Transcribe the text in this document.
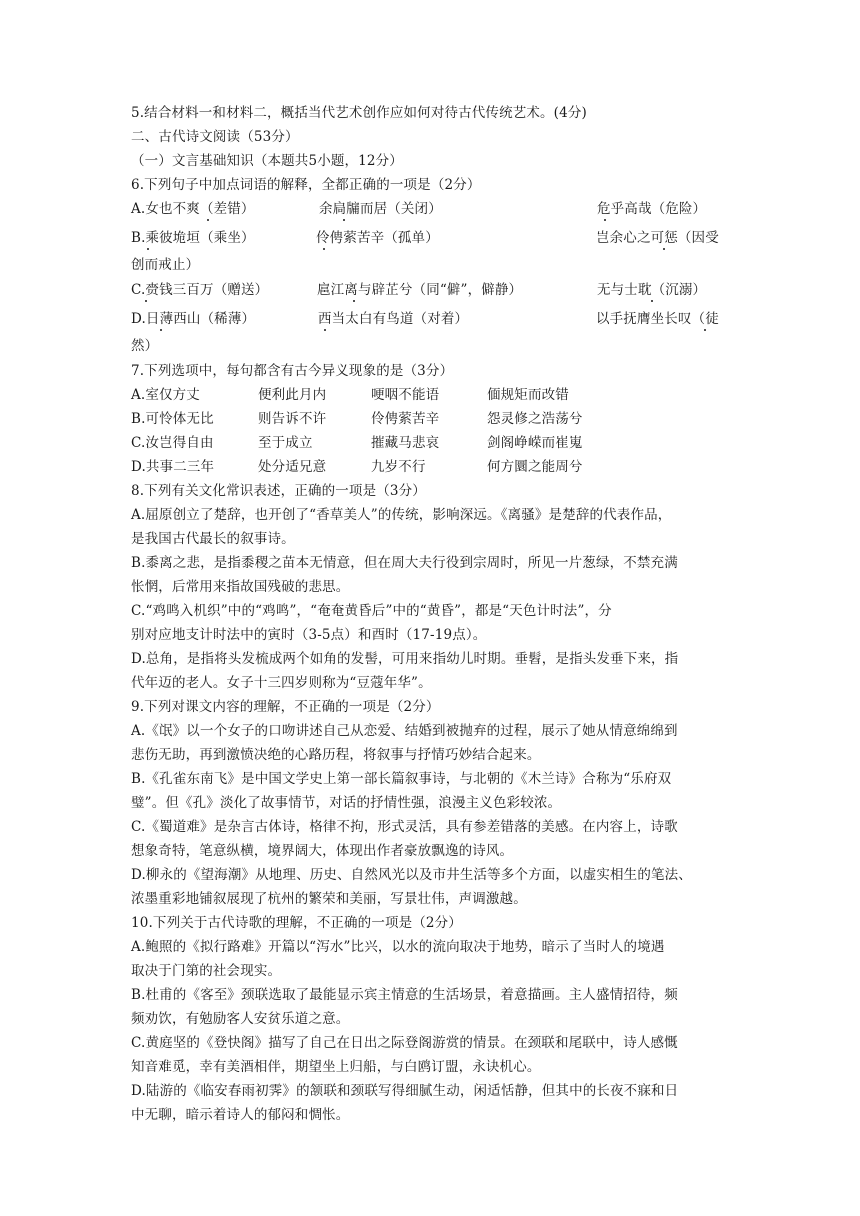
5.结合材料一和材料二，概括当代艺术创作应如何对待古代传统艺术。(4分)
二、古代诗文阅读（53分）
（一）文言基础知识（本题共5小题，12分）
6.下列句子中加点词语的解释，全都正确的一项是（2分）
A.女也不爽（差错）	余扃牖而居（关闭）	危乎高哉（危险）
B.乘彼垝垣（乘坐）	伶俜萦苦辛（孤单）	岂余心之可惩（因受
创而戒止）
C.赍钱三百万（赠送）	扈江离与辟芷兮（同“僻”，僻静）	无与士耽（沉溺）
D.日薄西山（稀薄）	西当太白有鸟道（对着）	以手抚膺坐长叹（徒
然）
7.下列选项中，每句都含有古今异义现象的是（3分）
A.室仅方丈	便利此月内	哽咽不能语	偭规矩而改错
B.可怜体无比	则告诉不许	伶俜萦苦辛	怨灵修之浩荡兮
C.汝岂得自由	至于成立	摧藏马悲哀	剑阁峥嵘而崔嵬
D.共事二三年	处分适兄意	九岁不行	何方圜之能周兮
8.下列有关文化常识表述，正确的一项是（3分）
A.屈原创立了楚辞，也开创了“香草美人”的传统，影响深远。《离骚》是楚辞的代表作品，
是我国古代最长的叙事诗。
B.黍离之悲，是指黍稷之苗本无情意，但在周大夫行役到宗周时，所见一片葱绿，不禁充满
怅惘，后常用来指故国残破的悲思。
C.“鸡鸣入机织”中的“鸡鸣”，“奄奄黄昏后”中的“黄昏”，都是“天色计时法”，分
别对应地支计时法中的寅时（3-5点）和酉时（17-19点）。
D.总角，是指将头发梳成两个如角的发髻，可用来指幼儿时期。垂髫，是指头发垂下来，指
代年迈的老人。女子十三四岁则称为“豆蔻年华”。
9.下列对课文内容的理解，不正确的一项是（2分）
A.《氓》以一个女子的口吻讲述自己从恋爱、结婚到被抛弃的过程，展示了她从情意绵绵到
悲伤无助，再到激愤决绝的心路历程，将叙事与抒情巧妙结合起来。
B.《孔雀东南飞》是中国文学史上第一部长篇叙事诗，与北朝的《木兰诗》合称为“乐府双
璧”。但《孔》淡化了故事情节，对话的抒情性强，浪漫主义色彩较浓。
C.《蜀道难》是杂言古体诗，格律不拘，形式灵活，具有参差错落的美感。在内容上，诗歌
想象奇特，笔意纵横，境界阔大，体现出作者豪放飘逸的诗风。
D.柳永的《望海潮》从地理、历史、自然风光以及市井生活等多个方面，以虚实相生的笔法、
浓墨重彩地铺叙展现了杭州的繁荣和美丽，写景壮伟，声调激越。
10.下列关于古代诗歌的理解，不正确的一项是（2分）
A.鲍照的《拟行路难》开篇以“泻水”比兴，以水的流向取决于地势，暗示了当时人的境遇
取决于门第的社会现实。
B.杜甫的《客至》颈联选取了最能显示宾主情意的生活场景，着意描画。主人盛情招待，频
频劝饮，有勉励客人安贫乐道之意。
C.黄庭坚的《登快阁》描写了自己在日出之际登阁游赏的情景。在颈联和尾联中，诗人感慨
知音难觅，幸有美酒相伴，期望坐上归船，与白鸥订盟，永诀机心。
D.陆游的《临安春雨初霁》的颔联和颈联写得细腻生动，闲适恬静，但其中的长夜不寐和日
中无聊，暗示着诗人的郁闷和惆怅。
